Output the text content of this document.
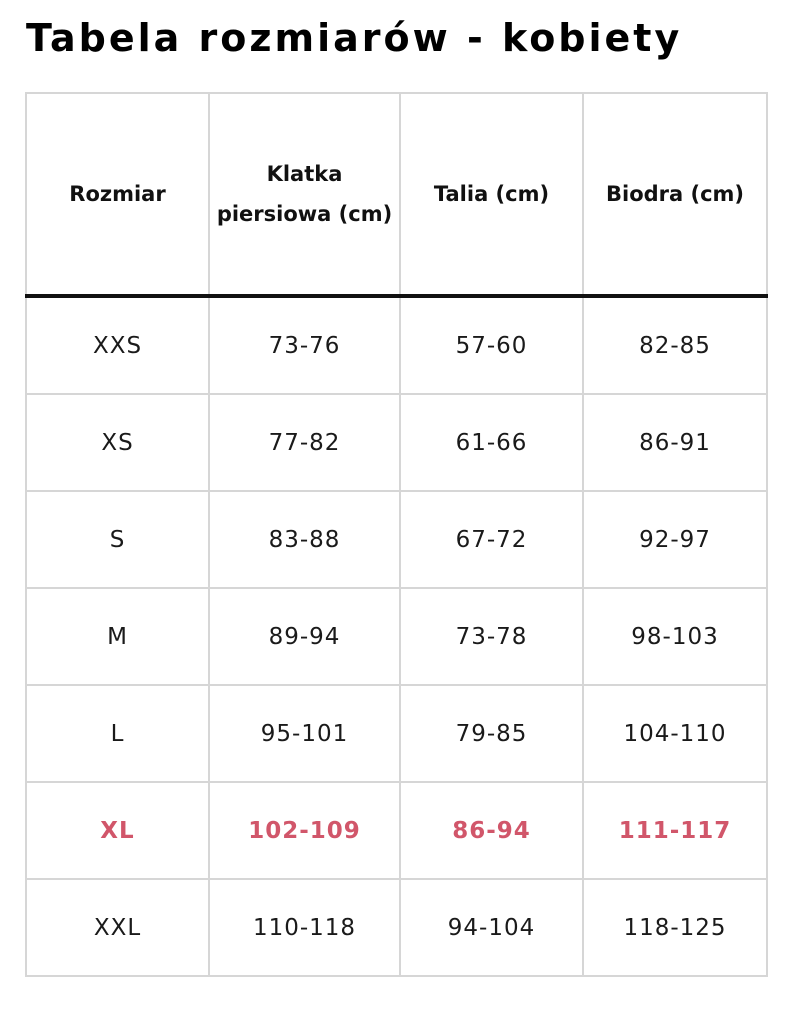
Tabela rozmiarów - kobiety
Rozmiar	Klatka piersiowa (cm)	Talia (cm)	Biodra (cm)
XXS	73-76	57-60	82-85
XS	77-82	61-66	86-91
S	83-88	67-72	92-97
M	89-94	73-78	98-103
L	95-101	79-85	104-110
XL	102-109	86-94	111-117
XXL	110-118	94-104	118-125
